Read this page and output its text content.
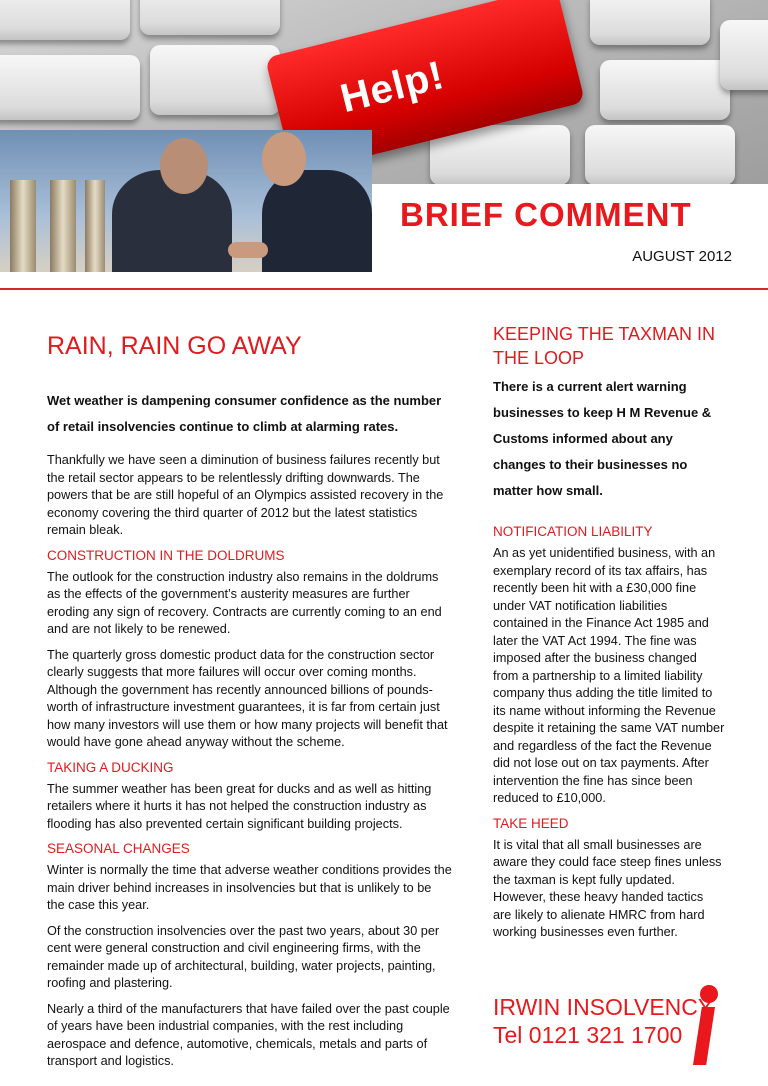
Help!
BRIEF COMMENT

AUGUST 2012

RAIN, RAIN GO AWAY

Wet weather is dampening consumer confidence as the number of retail insolvencies continue to climb at alarming rates.

Thankfully we have seen a diminution of business failures recently but the retail sector appears to be relentlessly drifting downwards. The powers that be are still hopeful of an Olympics assisted recovery in the economy covering the third quarter of 2012 but the latest statistics remain bleak.

CONSTRUCTION IN THE DOLDRUMS

The outlook for the construction industry also remains in the doldrums as the effects of the government’s austerity measures are further eroding any sign of recovery. Contracts are currently coming to an end and are not likely to be renewed.

The quarterly gross domestic product data for the construction sector clearly suggests that more failures will occur over coming months. Although the government has recently announced billions of pounds-worth of infrastructure investment guarantees, it is far from certain just how many investors will use them or how many projects will benefit that would have gone ahead anyway without the scheme.

TAKING A DUCKING

The summer weather has been great for ducks and as well as hitting retailers where it hurts it has not helped the construction industry as flooding has also prevented certain significant building projects.

SEASONAL CHANGES

Winter is normally the time that adverse weather conditions provides the main driver behind increases in insolvencies but that is unlikely to be the case this year.

Of the construction insolvencies over the past two years, about 30 per cent were general construction and civil engineering firms, with the remainder made up of architectural, building, water projects, painting, roofing and plastering.

Nearly a third of the manufacturers that have failed over the past couple of years have been industrial companies, with the rest including aerospace and defence, automotive, chemicals, metals and parts of transport and logistics.

KEEPING THE TAXMAN IN THE LOOP

There is a current alert warning businesses to keep H M Revenue & Customs informed about any changes to their businesses no matter how small.

NOTIFICATION LIABILITY

An as yet unidentified business, with an exemplary record of its tax affairs, has recently been hit with a £30,000 fine under VAT notification liabilities contained in the Finance Act 1985 and later the VAT Act 1994. The fine was imposed after the business changed from a partnership to a limited liability company thus adding the title limited to its name without informing the Revenue despite it retaining the same VAT number and regardless of the fact the Revenue did not lose out on tax payments. After intervention the fine has since been reduced to £10,000.

TAKE HEED

It is vital that all small businesses are aware they could face steep fines unless the taxman is kept fully updated. However, these heavy handed tactics are likely to alienate HMRC from hard working businesses even further.

IRWIN INSOLVENCY

Tel 0121 321 1700
